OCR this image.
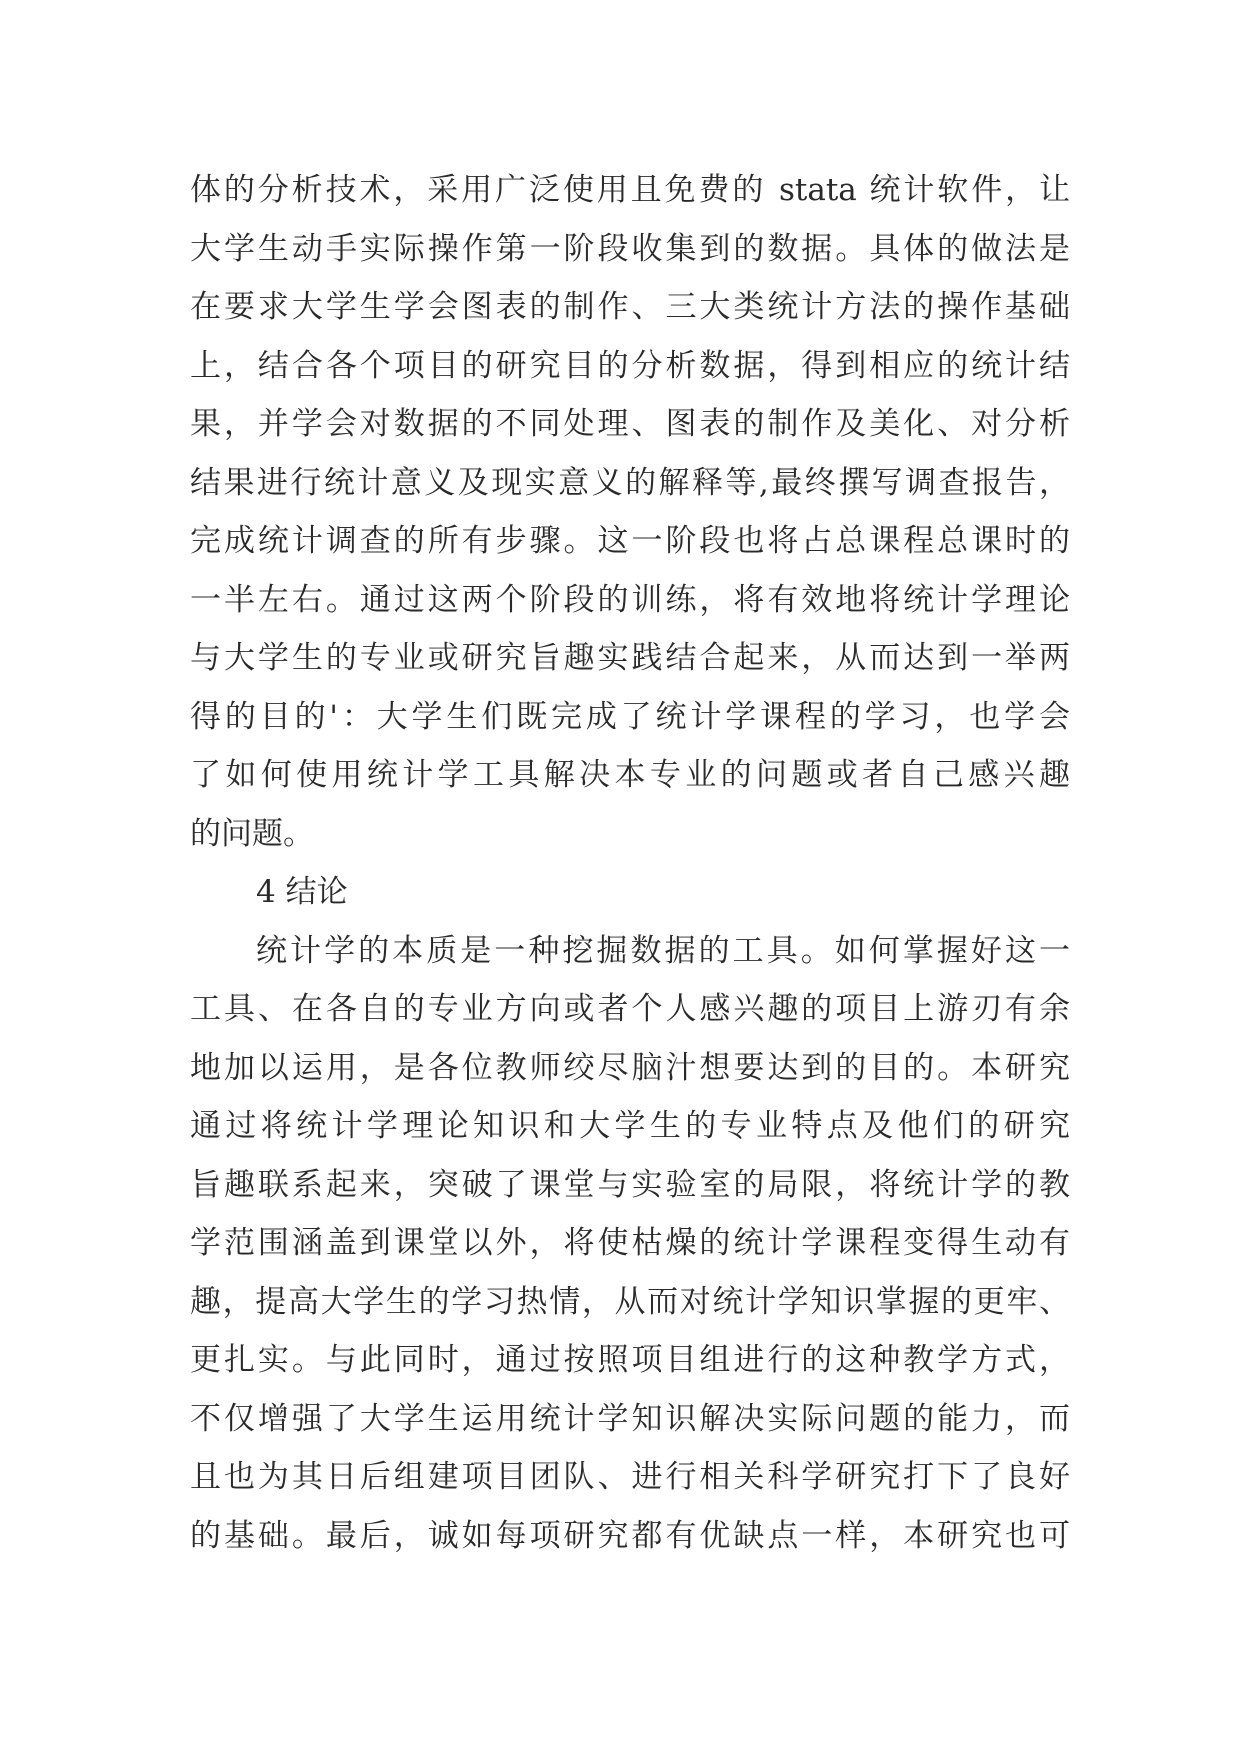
体的分析技术，采用广泛使用且免费的 stata 统计软件，让
大学生动手实际操作第一阶段收集到的数据。具体的做法是
在要求大学生学会图表的制作、三大类统计方法的操作基础
上，结合各个项目的研究目的分析数据，得到相应的统计结
果，并学会对数据的不同处理、图表的制作及美化、对分析
结果进行统计意义及现实意义的解释等,最终撰写调查报告，
完成统计调查的所有步骤。这一阶段也将占总课程总课时的
一半左右。通过这两个阶段的训练，将有效地将统计学理论
与大学生的专业或研究旨趣实践结合起来，从而达到一举两
得的目的'：大学生们既完成了统计学课程的学习，也学会
了如何使用统计学工具解决本专业的问题或者自己感兴趣
的问题。
4 结论
统计学的本质是一种挖掘数据的工具。如何掌握好这一
工具、在各自的专业方向或者个人感兴趣的项目上游刃有余
地加以运用，是各位教师绞尽脑汁想要达到的目的。本研究
通过将统计学理论知识和大学生的专业特点及他们的研究
旨趣联系起来，突破了课堂与实验室的局限，将统计学的教
学范围涵盖到课堂以外，将使枯燥的统计学课程变得生动有
趣，提高大学生的学习热情，从而对统计学知识掌握的更牢、
更扎实。与此同时，通过按照项目组进行的这种教学方式，
不仅增强了大学生运用统计学知识解决实际问题的能力，而
且也为其日后组建项目团队、进行相关科学研究打下了良好
的基础。最后，诚如每项研究都有优缺点一样，本研究也可
